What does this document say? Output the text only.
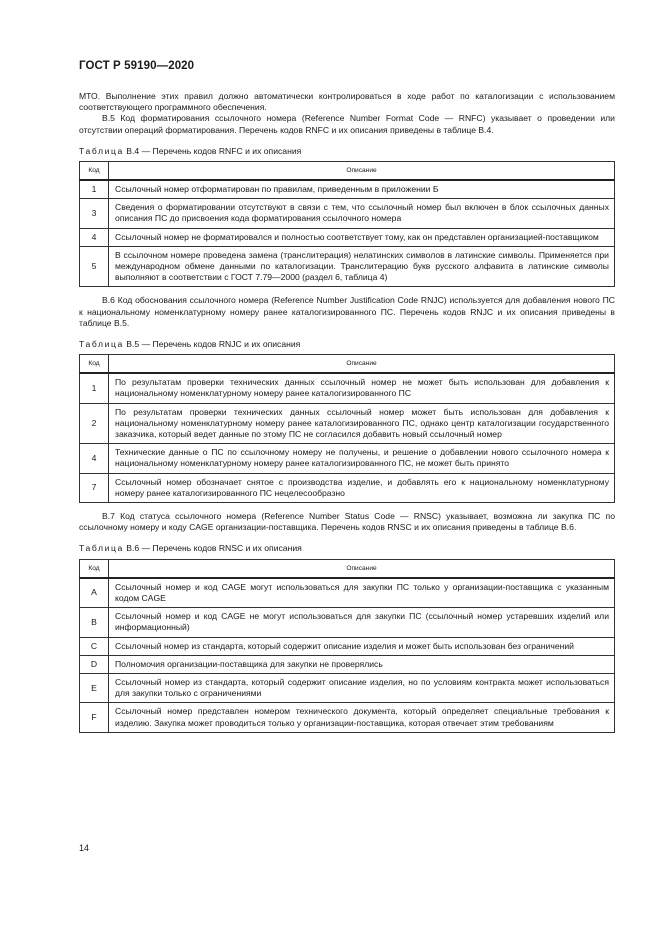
ГОСТ Р 59190—2020

МТО. Выполнение этих правил должно автоматически контролироваться в ходе работ по каталогизации с использованием соответствующего программного обеспечения.

В.5 Код форматирования ссылочного номера (Reference Number Format Code — RNFC) указывает о проведении или отсутствии операций форматирования. Перечень кодов RNFC и их описания приведены в таблице В.4.

Таблица В.4 — Перечень кодов RNFC и их описания
Код	Описание
1	Ссылочный номер отформатирован по правилам, приведенным в приложении Б
3	Сведения о форматировании отсутствуют в связи с тем, что ссылочный номер был включен в блок ссылочных данных описания ПС до присвоения кода форматирования ссылочного номера
4	Ссылочный номер не форматировался и полностью соответствует тому, как он представлен организацией-поставщиком
5	В ссылочном номере проведена замена (транслитерация) нелатинских символов в латинские символы. Применяется при международном обмене данными по каталогизации. Транслитерацию букв русского алфавита в латинские символы выполняют в соответствии с ГОСТ 7.79—2000 (раздел 6, таблица 4)

В.6 Код обоснования ссылочного номера (Reference Number Justification Code RNJC) используется для добавления нового ПС к национальному номенклатурному номеру ранее каталогизированного ПС. Перечень кодов RNJC и их описания приведены в таблице В.5.

Таблица В.5 — Перечень кодов RNJC и их описания
Код	Описание
1	По результатам проверки технических данных ссылочный номер не может быть использован для добавления к национальному номенклатурному номеру ранее каталогизированного ПС
2	По результатам проверки технических данных ссылочный номер может быть использован для добавления к национальному номенклатурному номеру ранее каталогизированного ПС, однако центр каталогизации государственного заказчика, который ведет данные по этому ПС не согласился добавить новый ссылочный номер
4	Технические данные о ПС по ссылочному номеру не получены, и решение о добавлении нового ссылочного номера к национальному номенклатурному номеру ранее каталогизированного ПС, не может быть принято
7	Ссылочный номер обозначает снятое с производства изделие, и добавлять его к национальному номенклатурному номеру ранее каталогизированного ПС нецелесообразно

В.7 Код статуса ссылочного номера (Reference Number Status Code — RNSC) указывает, возможна ли закупка ПС по ссылочному номеру и коду CAGE организации-поставщика. Перечень кодов RNSC и их описания приведены в таблице В.6.

Таблица В.6 — Перечень кодов RNSC и их описания
Код	Описание
A	Ссылочный номер и код CAGE могут использоваться для закупки ПС только у организации-поставщика с указанным кодом CAGE
B	Ссылочный номер и код CAGE не могут использоваться для закупки ПС (ссылочный номер устаревших изделий или информационный)
C	Ссылочный номер из стандарта, который содержит описание изделия и может быть использован без ограничений
D	Полномочия организации-поставщика для закупки не проверялись
E	Ссылочный номер из стандарта, который содержит описание изделия, но по условиям контракта может использоваться для закупки только с ограничениями
F	Ссылочный номер представлен номером технического документа, который определяет специальные требования к изделию. Закупка может проводиться только у организации-поставщика, которая отвечает этим требованиям
14
